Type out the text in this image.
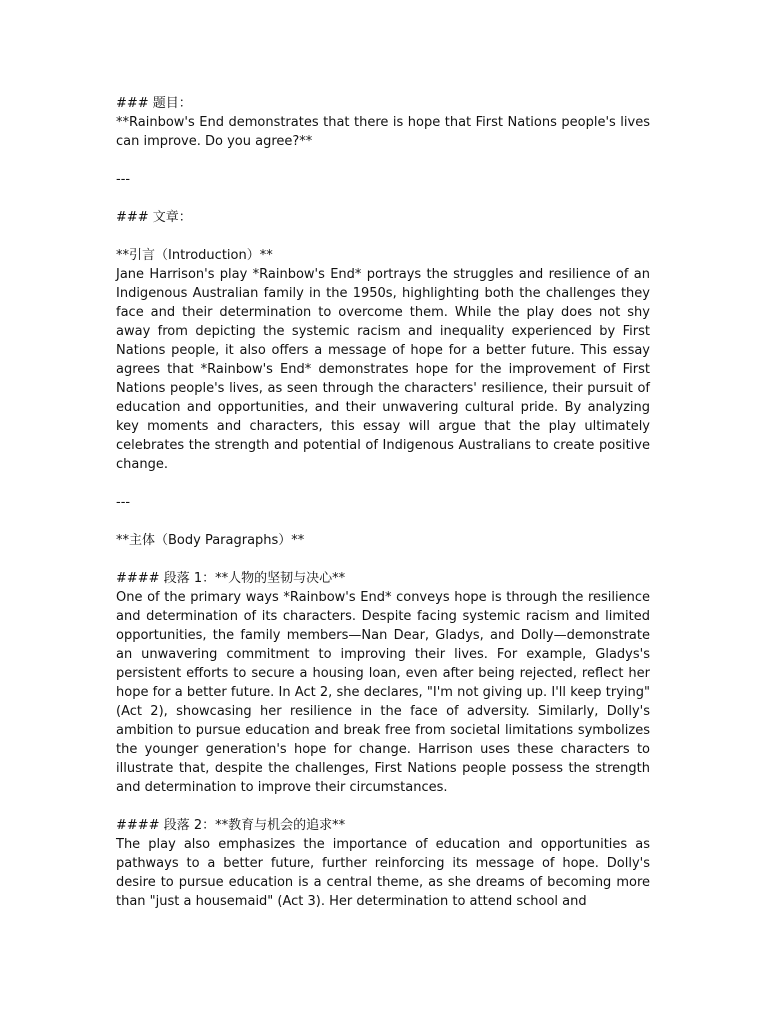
### 题目：
**Rainbow's End demonstrates that there is hope that First Nations people's lives can improve. Do you agree?**
---
### 文章：
**引言（Introduction）**
Jane Harrison's play *Rainbow's End* portrays the struggles and resilience of an Indigenous Australian family in the 1950s, highlighting both the challenges they face and their determination to overcome them. While the play does not shy away from depicting the systemic racism and inequality experienced by First Nations people, it also offers a message of hope for a better future. This essay agrees that *Rainbow's End* demonstrates hope for the improvement of First Nations people's lives, as seen through the characters' resilience, their pursuit of education and opportunities, and their unwavering cultural pride. By analyzing key moments and characters, this essay will argue that the play ultimately celebrates the strength and potential of Indigenous Australians to create positive change.
---
**主体（Body Paragraphs）**
#### 段落 1：**人物的坚韧与决心**
One of the primary ways *Rainbow's End* conveys hope is through the resilience and determination of its characters. Despite facing systemic racism and limited opportunities, the family members—Nan Dear, Gladys, and Dolly—demonstrate an unwavering commitment to improving their lives. For example, Gladys's persistent efforts to secure a housing loan, even after being rejected, reflect her hope for a better future. In Act 2, she declares, "I'm not giving up. I'll keep trying" (Act 2), showcasing her resilience in the face of adversity. Similarly, Dolly's ambition to pursue education and break free from societal limitations symbolizes the younger generation's hope for change. Harrison uses these characters to illustrate that, despite the challenges, First Nations people possess the strength and determination to improve their circumstances.
#### 段落 2：**教育与机会的追求**
The play also emphasizes the importance of education and opportunities as pathways to a better future, further reinforcing its message of hope. Dolly's desire to pursue education is a central theme, as she dreams of becoming more than "just a housemaid" (Act 3). Her determination to attend school and
